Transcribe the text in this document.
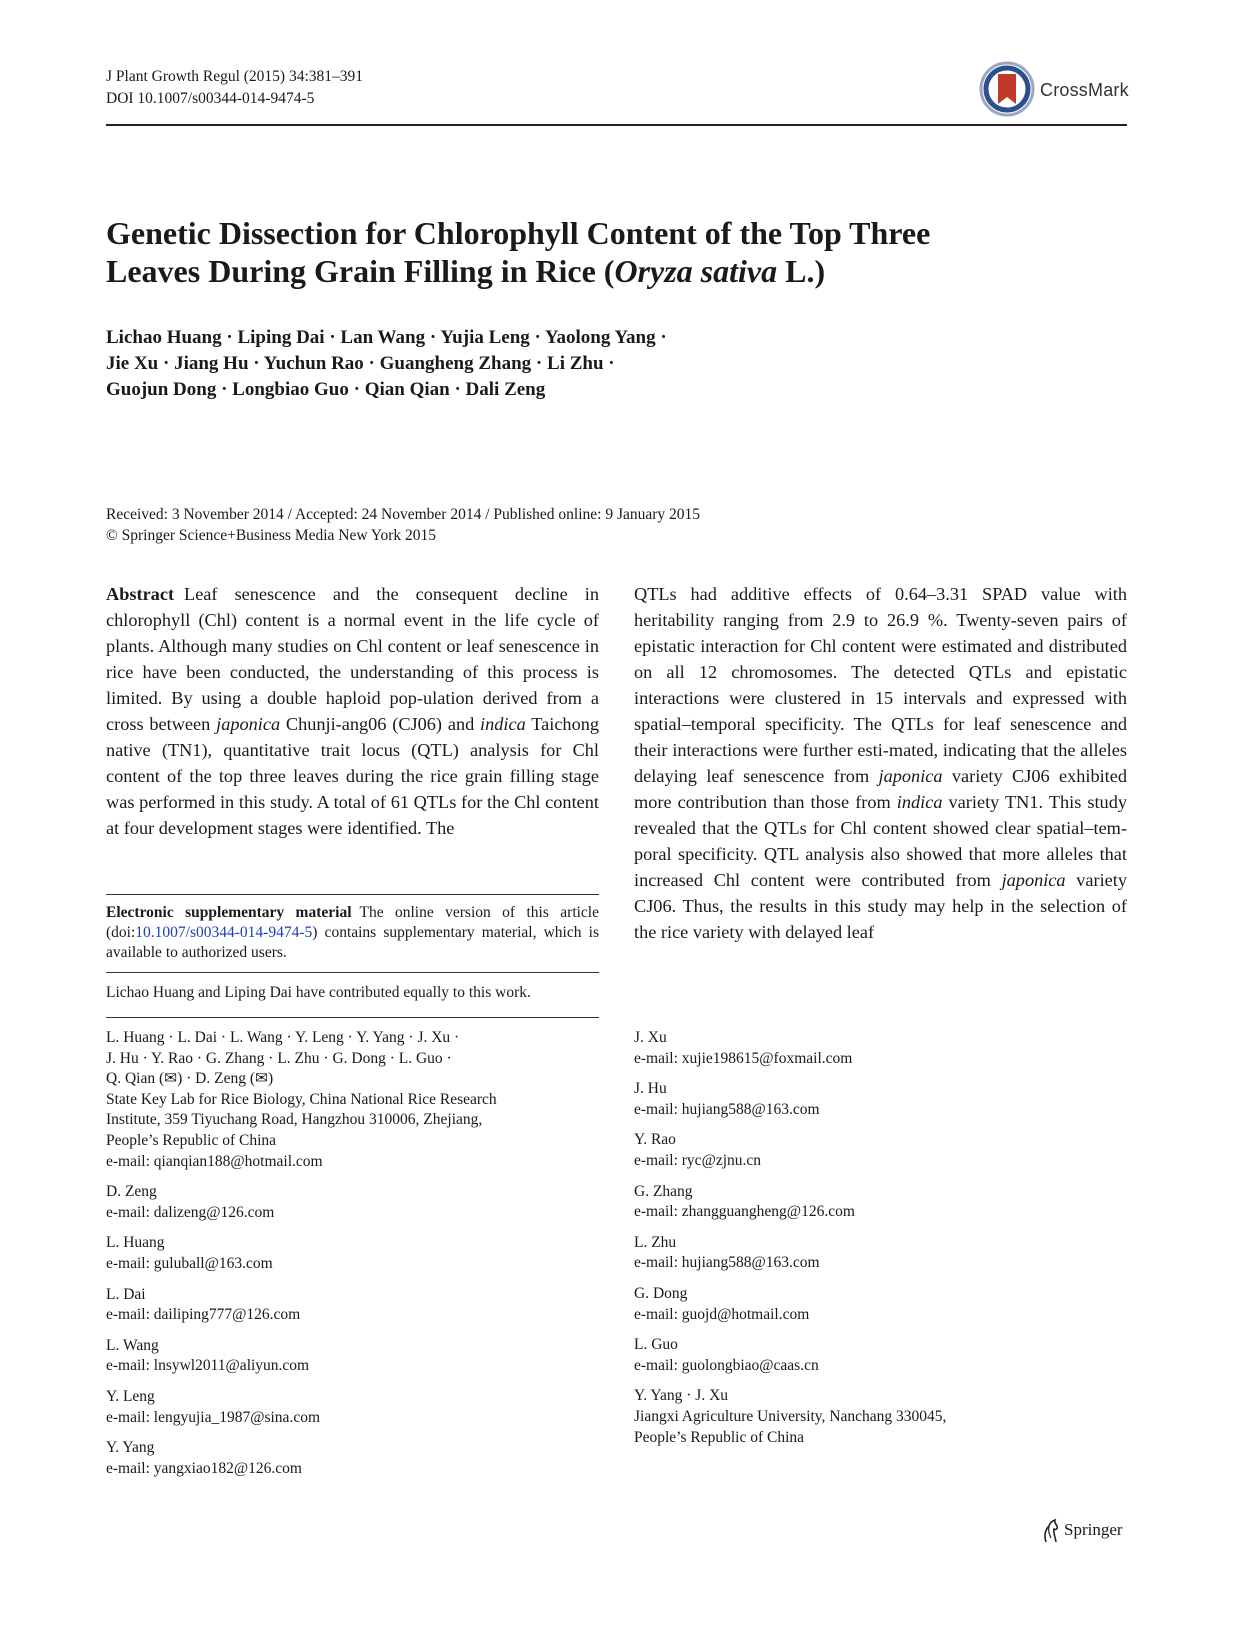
J Plant Growth Regul (2015) 34:381–391
DOI 10.1007/s00344-014-9474-5	CrossMark
Genetic Dissection for Chlorophyll Content of the Top Three
Leaves During Grain Filling in Rice (Oryza sativa L.)
Lichao Huang · Liping Dai · Lan Wang · Yujia Leng · Yaolong Yang ·
Jie Xu · Jiang Hu · Yuchun Rao · Guangheng Zhang · Li Zhu ·
Guojun Dong · Longbiao Guo · Qian Qian · Dali Zeng
Received: 3 November 2014 / Accepted: 24 November 2014 / Published online: 9 January 2015
© Springer Science+Business Media New York 2015
Abstract Leaf senescence and the consequent decline in chlorophyll (Chl) content is a normal event in the life cycle of plants. Although many studies on Chl content or leaf senescence in rice have been conducted, the understanding of this process is limited. By using a double haploid pop-ulation derived from a cross between japonica Chunji-ang06 (CJ06) and indica Taichong native (TN1), quantitative trait locus (QTL) analysis for Chl content of the top three leaves during the rice grain filling stage was performed in this study. A total of 61 QTLs for the Chl content at four development stages were identified. The
QTLs had additive effects of 0.64–3.31 SPAD value with heritability ranging from 2.9 to 26.9 %. Twenty-seven pairs of epistatic interaction for Chl content were estimated and distributed on all 12 chromosomes. The detected QTLs and epistatic interactions were clustered in 15 intervals and expressed with spatial–temporal specificity. The QTLs for leaf senescence and their interactions were further esti-mated, indicating that the alleles delaying leaf senescence from japonica variety CJ06 exhibited more contribution than those from indica variety TN1. This study revealed that the QTLs for Chl content showed clear spatial–tem-poral specificity. QTL analysis also showed that more alleles that increased Chl content were contributed from japonica variety CJ06. Thus, the results in this study may help in the selection of the rice variety with delayed leaf
Electronic supplementary material The online version of this article (doi:10.1007/s00344-014-9474-5) contains supplementary material, which is available to authorized users.
Lichao Huang and Liping Dai have contributed equally to this work.
L. Huang · L. Dai · L. Wang · Y. Leng · Y. Yang · J. Xu ·
J. Hu · Y. Rao · G. Zhang · L. Zhu · G. Dong · L. Guo ·
Q. Qian (✉) · D. Zeng (✉)
State Key Lab for Rice Biology, China National Rice Research
Institute, 359 Tiyuchang Road, Hangzhou 310006, Zhejiang,
People’s Republic of China
e-mail: qianqian188@hotmail.com
D. Zeng
e-mail: dalizeng@126.com
L. Huang
e-mail: guluball@163.com
L. Dai
e-mail: dailiping777@126.com
L. Wang
e-mail: lnsywl2011@aliyun.com
Y. Leng
e-mail: lengyujia_1987@sina.com
Y. Yang
e-mail: yangxiao182@126.com
J. Xu
e-mail: xujie198615@foxmail.com
J. Hu
e-mail: hujiang588@163.com
Y. Rao
e-mail: ryc@zjnu.cn
G. Zhang
e-mail: zhangguangheng@126.com
L. Zhu
e-mail: hujiang588@163.com
G. Dong
e-mail: guojd@hotmail.com
L. Guo
e-mail: guolongbiao@caas.cn
Y. Yang · J. Xu
Jiangxi Agriculture University, Nanchang 330045,
People’s Republic of China
Springer
